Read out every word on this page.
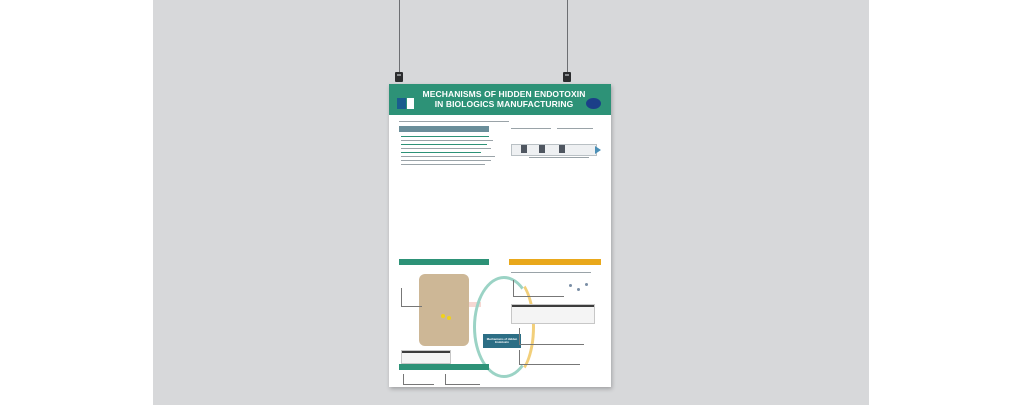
MECHANISMS OF HIDDEN ENDOTOXIN
IN BIOLOGICS MANUFACTURING
Mechanisms of Hidden Endotoxin
